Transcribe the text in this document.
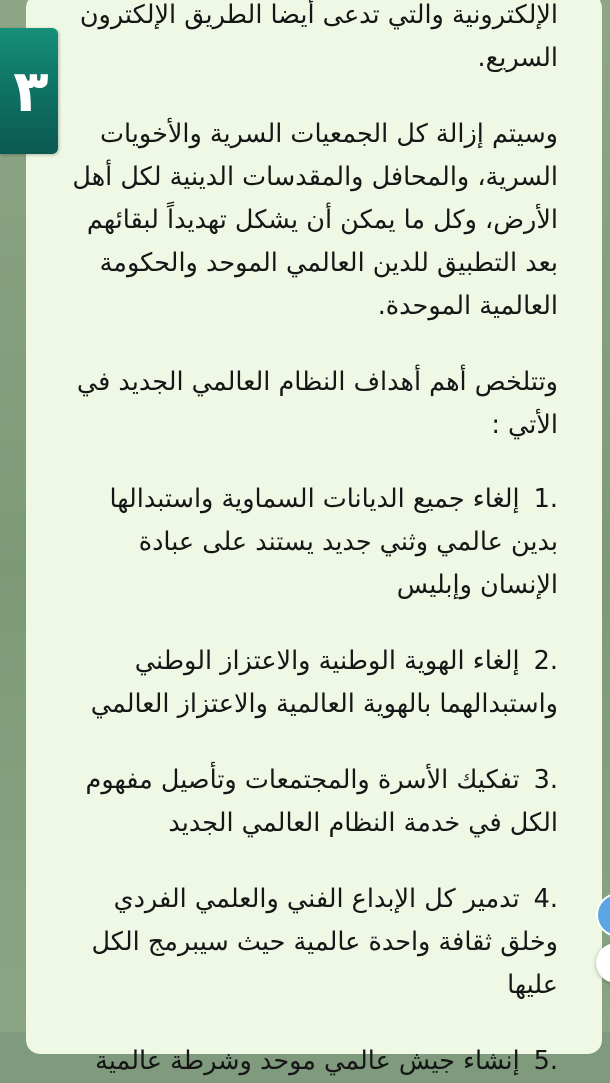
الإلكترونية والتي تدعى أيضا الطريق الإلكترون
السريع.
وسيتم إزالة كل الجمعيات السرية والأخويات
السرية، والمحافل والمقدسات الدينية لكل أهل
الأرض، وكل ما يمكن أن يشكل تهديداً لبقائهم
بعد التطبيق للدين العالمي الموحد والحكومة
العالمية الموحدة.
وتتلخص أهم أهداف النظام العالمي الجديد في
الأتي :
1.إلغاء جميع الديانات السماوية واستبدالها
بدين عالمي وثني جديد يستند على عبادة
الإنسان وإبليس
2.إلغاء الهوية الوطنية والاعتزاز الوطني
واستبدالهما بالهوية العالمية والاعتزاز العالمي
3.تفكيك الأسرة والمجتمعات وتأصيل مفهوم
الكل في خدمة النظام العالمي الجديد
4.تدمير كل الإبداع الفني والعلمي الفردي
وخلق ثقافة واحدة عالمية حيث سيبرمج الكل
عليها
5.إنشاء جيش عالمي موحد وشرطة عالمية
٣
